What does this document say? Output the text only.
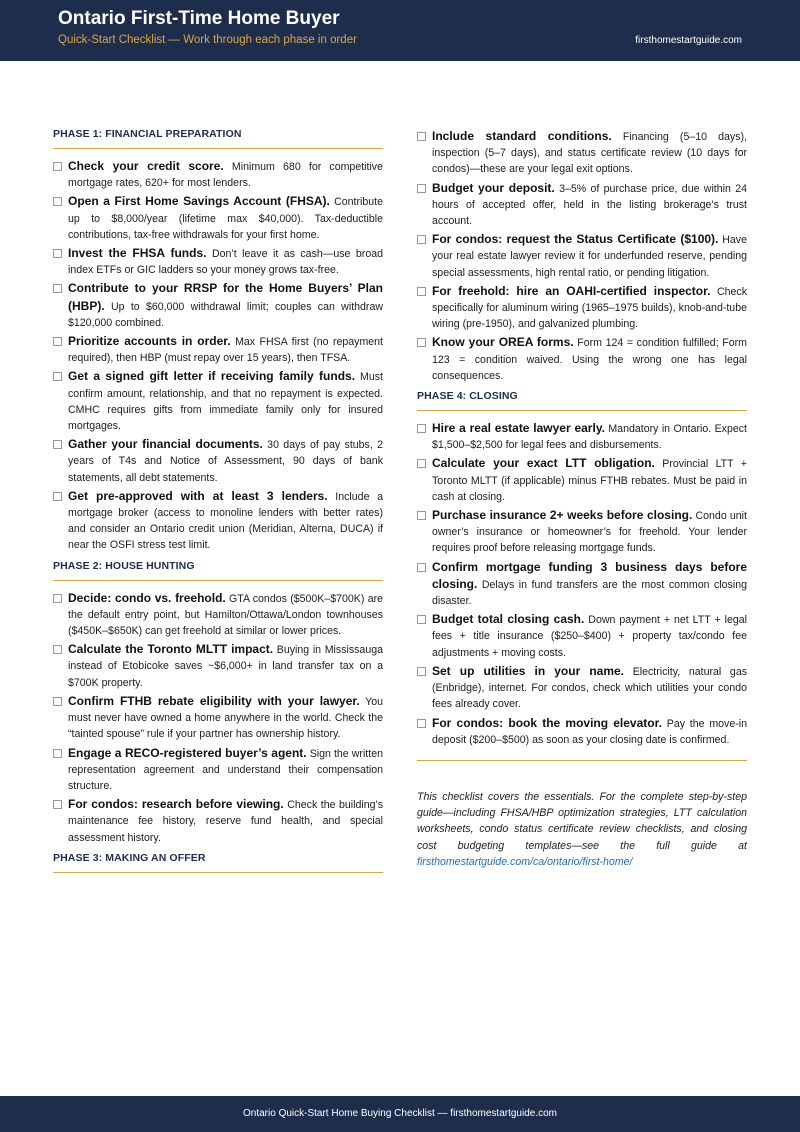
Ontario First-Time Home Buyer
Quick-Start Checklist — Work through each phase in order	firsthomestartguide.com
PHASE 1: FINANCIAL PREPARATION
Check your credit score. Minimum 680 for competitive mortgage rates, 620+ for most lenders.
Open a First Home Savings Account (FHSA). Contribute up to $8,000/year (lifetime max $40,000). Tax-deductible contributions, tax-free withdrawals for your first home.
Invest the FHSA funds. Don’t leave it as cash—use broad index ETFs or GIC ladders so your money grows tax-free.
Contribute to your RRSP for the Home Buyers’ Plan (HBP). Up to $60,000 withdrawal limit; couples can withdraw $120,000 combined.
Prioritize accounts in order. Max FHSA first (no repayment required), then HBP (must repay over 15 years), then TFSA.
Get a signed gift letter if receiving family funds. Must confirm amount, relationship, and that no repayment is expected. CMHC requires gifts from immediate family only for insured mortgages.
Gather your financial documents. 30 days of pay stubs, 2 years of T4s and Notice of Assessment, 90 days of bank statements, all debt statements.
Get pre-approved with at least 3 lenders. Include a mortgage broker (access to monoline lenders with better rates) and consider an Ontario credit union (Meridian, Alterna, DUCA) if near the OSFI stress test limit.
PHASE 2: HOUSE HUNTING
Decide: condo vs. freehold. GTA condos ($500K–$700K) are the default entry point, but Hamilton/Ottawa/London townhouses ($450K–$650K) can get freehold at similar or lower prices.
Calculate the Toronto MLTT impact. Buying in Mississauga instead of Etobicoke saves ~$6,000+ in land transfer tax on a $700K property.
Confirm FTHB rebate eligibility with your lawyer. You must never have owned a home anywhere in the world. Check the “tainted spouse” rule if your partner has ownership history.
Engage a RECO-registered buyer’s agent. Sign the written representation agreement and understand their compensation structure.
For condos: research before viewing. Check the building’s maintenance fee history, reserve fund health, and special assessment history.
PHASE 3: MAKING AN OFFER
Include standard conditions. Financing (5–10 days), inspection (5–7 days), and status certificate review (10 days for condos)—these are your legal exit options.
Budget your deposit. 3–5% of purchase price, due within 24 hours of accepted offer, held in the listing brokerage’s trust account.
For condos: request the Status Certificate ($100). Have your real estate lawyer review it for underfunded reserve, pending special assessments, high rental ratio, or pending litigation.
For freehold: hire an OAHI-certified inspector. Check specifically for aluminum wiring (1965–1975 builds), knob-and-tube wiring (pre-1950), and galvanized plumbing.
Know your OREA forms. Form 124 = condition fulfilled; Form 123 = condition waived. Using the wrong one has legal consequences.
PHASE 4: CLOSING
Hire a real estate lawyer early. Mandatory in Ontario. Expect $1,500–$2,500 for legal fees and disbursements.
Calculate your exact LTT obligation. Provincial LTT + Toronto MLTT (if applicable) minus FTHB rebates. Must be paid in cash at closing.
Purchase insurance 2+ weeks before closing. Condo unit owner’s insurance or homeowner’s for freehold. Your lender requires proof before releasing mortgage funds.
Confirm mortgage funding 3 business days before closing. Delays in fund transfers are the most common closing disaster.
Budget total closing cash. Down payment + net LTT + legal fees + title insurance ($250–$400) + property tax/condo fee adjustments + moving costs.
Set up utilities in your name. Electricity, natural gas (Enbridge), internet. For condos, check which utilities your condo fees already cover.
For condos: book the moving elevator. Pay the move-in deposit ($200–$500) as soon as your closing date is confirmed.
This checklist covers the essentials. For the complete step-by-step guide—including FHSA/HBP optimization strategies, LTT calculation worksheets, condo status certificate review checklists, and closing cost budgeting templates—see the full guide at firsthomestartguide.com/ca/ontario/first-home/
Ontario Quick-Start Home Buying Checklist — firsthomestartguide.com
